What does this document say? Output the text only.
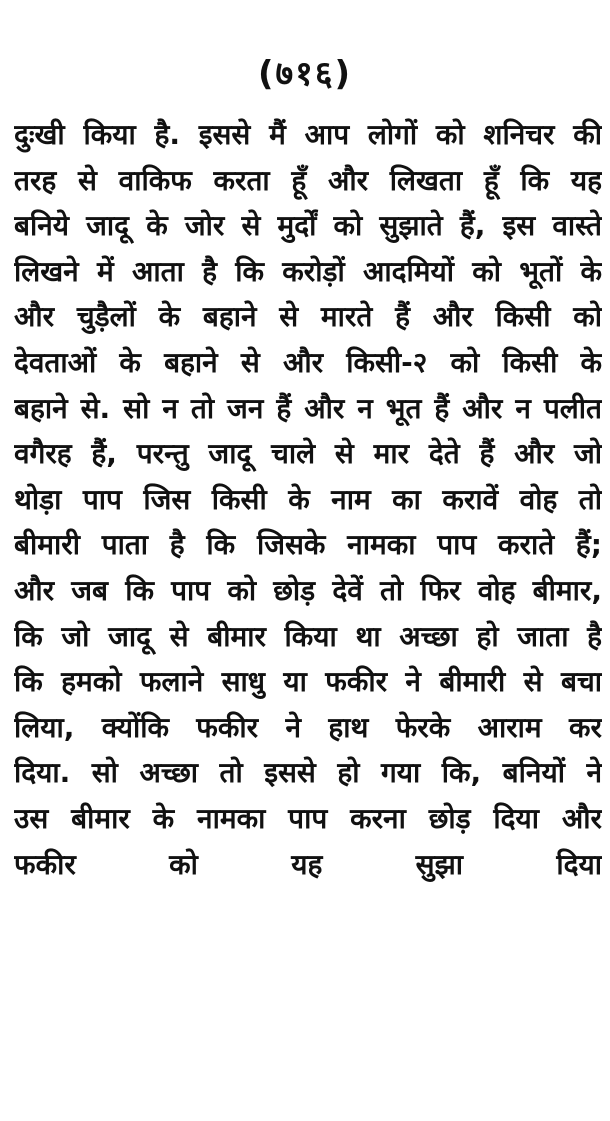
(७१६)
दुःखी किया है. इससे मैं आप लोगों को शनिचर की
तरह से वाकिफ करता हूँ और लिखता हूँ कि यह
बनिये जादू के जोर से मुर्दों को सुझाते हैं, इस वास्ते
लिखने में आता है कि करोड़ों आदमियों को भूतों के
और चुड़ैलों के बहाने से मारते हैं और किसी को
देवताओं के बहाने से और किसी-२ को किसी के
बहाने से. सो न तो जन हैं और न भूत हैं और न पलीत
वगैरह हैं, परन्तु जादू चाले से मार देते हैं और जो
थोड़ा पाप जिस किसी के नाम का करावें वोह तो
बीमारी पाता है कि जिसके नामका पाप कराते हैं;
और जब कि पाप को छोड़ देवें तो फिर वोह बीमार,
कि जो जादू से बीमार किया था अच्छा हो जाता है
कि हमको फलाने साधु या फकीर ने बीमारी से बचा
लिया, क्योंकि फकीर ने हाथ फेरके आराम कर
दिया. सो अच्छा तो इससे हो गया कि, बनियों ने
उस बीमार के नामका पाप करना छोड़ दिया और
फकीर को यह सुझा दिया
